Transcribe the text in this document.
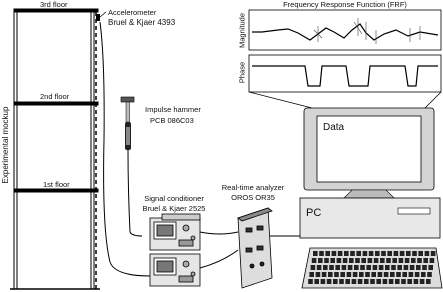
3rd floor
2nd floor
1st floor
Experimental mockup
Accelerometer
Bruel & Kjaer 4393
Impulse hammer
PCB 086C03
Signal conditioner
Bruel & Kjaer 2525
Real-time analyzer
OROS OR35
Frequency Response Function (FRF)
Magnitude
Phase
Data
PC
